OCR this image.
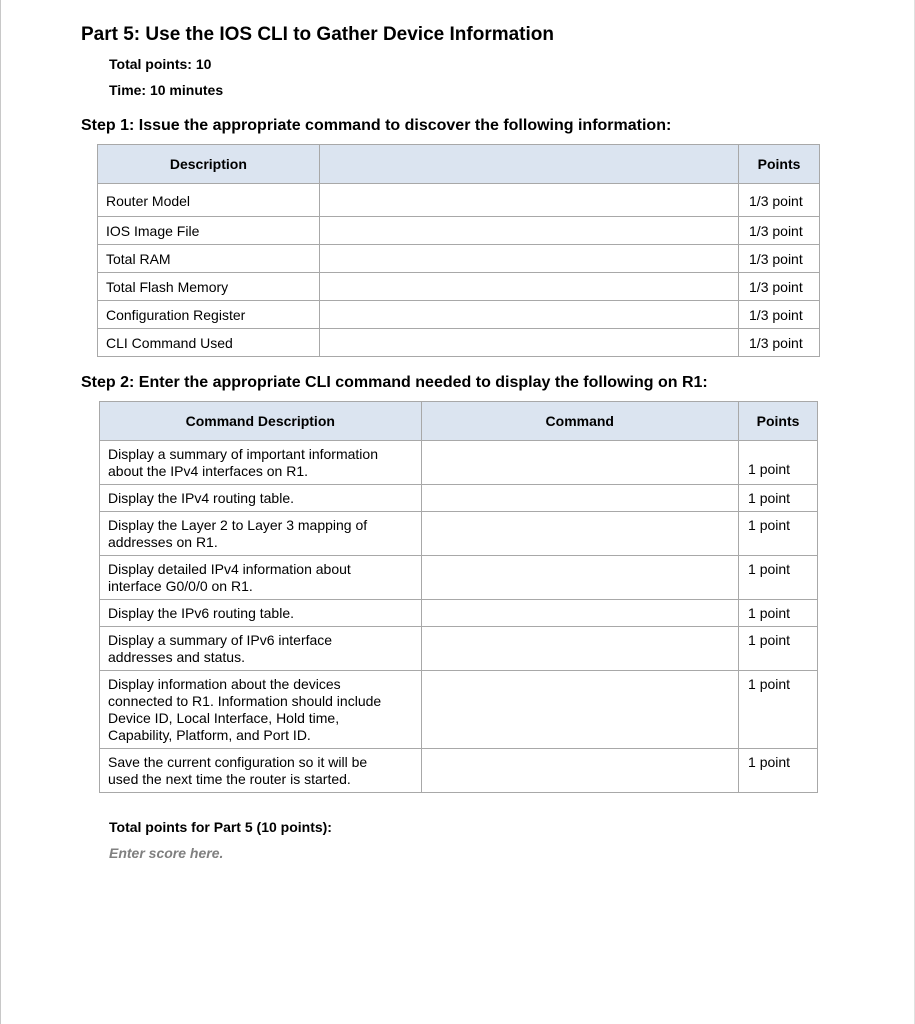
Part 5: Use the IOS CLI to Gather Device Information
Total points: 10
Time: 10 minutes
Step 1: Issue the appropriate command to discover the following information:
Description		Points
Router Model		1/3 point
IOS Image File		1/3 point
Total RAM		1/3 point
Total Flash Memory		1/3 point
Configuration Register		1/3 point
CLI Command Used		1/3 point
Step 2: Enter the appropriate CLI command needed to display the following on R1:
Command Description	Command	Points
Display a summary of important information
about the IPv4 interfaces on R1.		1 point
Display the IPv4 routing table.		1 point
Display the Layer 2 to Layer 3 mapping of
addresses on R1.		1 point
Display detailed IPv4 information about
interface G0/0/0 on R1.		1 point
Display the IPv6 routing table.		1 point
Display a summary of IPv6 interface
addresses and status.		1 point
Display information about the devices
connected to R1. Information should include
Device ID, Local Interface, Hold time,
Capability, Platform, and Port ID.		1 point
Save the current configuration so it will be
used the next time the router is started.		1 point
Total points for Part 5 (10 points):
Enter score here.
